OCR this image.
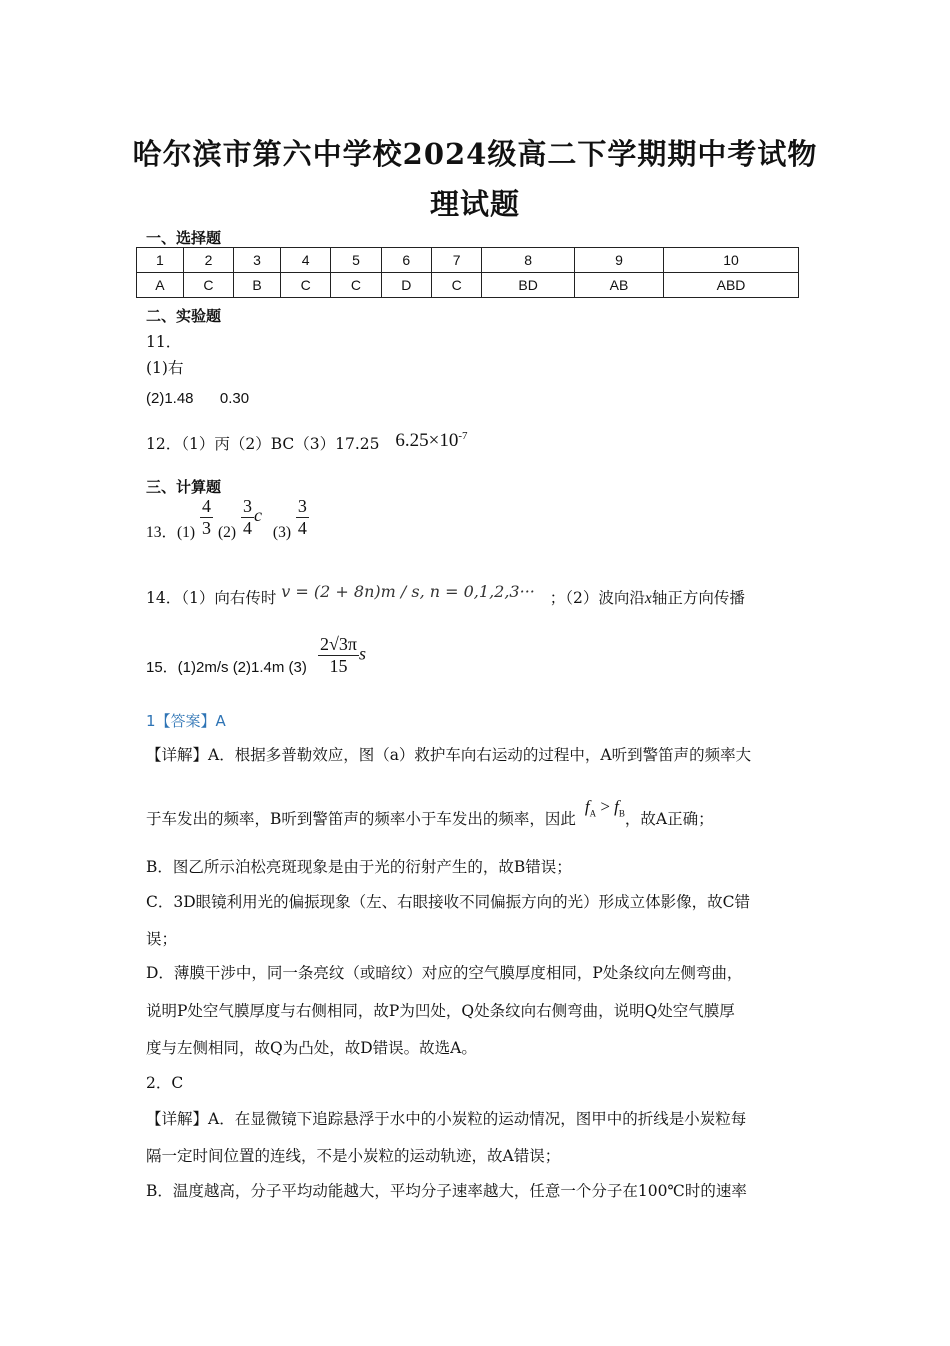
哈尔滨市第六中学校2024级高二下学期期中考试物
理试题
一、选择题
1	2	3	4	5	6	7	8	9	10
A	C	B	C	C	D	C	BD	AB	ABD
二、实验题
11．
(1)右
(2)1.48 0.30
12．（1）丙（2）BC（3）17.25 $6.25\times 10^{-7}$
三、计算题
13．$(1) \frac{4}{3} (2) \frac{3}{4}$ c $(3) \frac{3}{4}$
14．（1）向右传时 v = (2 + 8n)m / s, n = 0,1,2,3··· ；（2）波向沿x轴正方向传播
15．(1)2m/s (2)1.4m $(3) \frac{2√3\pi}{15}$ s
1【答案】A
【详解】A．根据多普勒效应，图（a）救护车向右运动的过程中，A听到警笛声的频率大
于车发出的频率，B听到警笛声的频率小于车发出的频率，因此 $f_A > f_B$，故A正确；
B．图乙所示泊松亮斑现象是由于光的衍射产生的，故B错误；
C．3D眼镜利用光的偏振现象（左、右眼接收不同偏振方向的光）形成立体影像，故C错
误；
D．薄膜干涉中，同一条亮纹（或暗纹）对应的空气膜厚度相同，P处条纹向左侧弯曲，
说明P处空气膜厚度与右侧相同，故P为凹处，Q处条纹向右侧弯曲，说明Q处空气膜厚
度与左侧相同，故Q为凸处，故D错误。故选A。
2．C
【详解】A．在显微镜下追踪悬浮于水中的小炭粒的运动情况，图甲中的折线是小炭粒每
隔一定时间位置的连线，不是小炭粒的运动轨迹，故A错误；
B．温度越高，分子平均动能越大，平均分子速率越大，任意一个分子在100℃时的速率
